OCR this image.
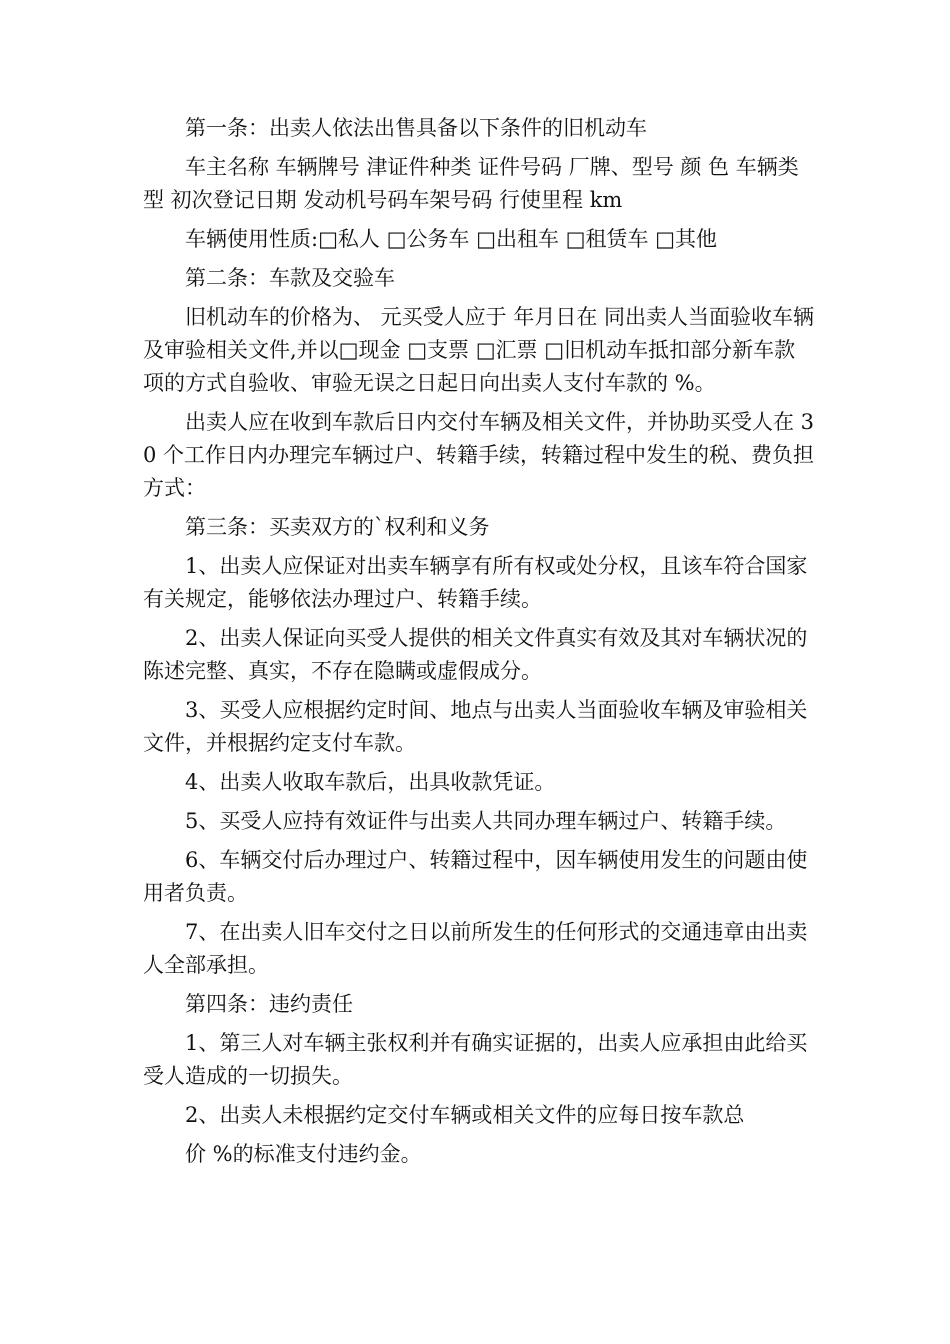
第一条：出卖人依法出售具备以下条件的旧机动车

车主名称 车辆牌号 津证件种类 证件号码 厂牌、型号 颜 色 车辆类型 初次登记日期 发动机号码车架号码 行使里程 km

车辆使用性质:□私人 □公务车 □出租车 □租赁车 □其他

第二条：车款及交验车

旧机动车的价格为、 元买受人应于 年月日在 同出卖人当面验收车辆及审验相关文件,并以□现金 □支票 □汇票 □旧机动车抵扣部分新车款项的方式自验收、审验无误之日起日向出卖人支付车款的 %。

出卖人应在收到车款后日内交付车辆及相关文件，并协助买受人在 30 个工作日内办理完车辆过户、转籍手续，转籍过程中发生的税、费负担方式：

第三条：买卖双方的`权利和义务

1、出卖人应保证对出卖车辆享有所有权或处分权，且该车符合国家有关规定，能够依法办理过户、转籍手续。

2、出卖人保证向买受人提供的相关文件真实有效及其对车辆状况的陈述完整、真实，不存在隐瞒或虚假成分。

3、买受人应根据约定时间、地点与出卖人当面验收车辆及审验相关文件，并根据约定支付车款。

4、出卖人收取车款后，出具收款凭证。

5、买受人应持有效证件与出卖人共同办理车辆过户、转籍手续。

6、车辆交付后办理过户、转籍过程中，因车辆使用发生的问题由使用者负责。

7、在出卖人旧车交付之日以前所发生的任何形式的交通违章由出卖人全部承担。

第四条：违约责任

1、第三人对车辆主张权利并有确实证据的，出卖人应承担由此给买受人造成的一切损失。

2、出卖人未根据约定交付车辆或相关文件的应每日按车款总

价 %的标准支付违约金。
